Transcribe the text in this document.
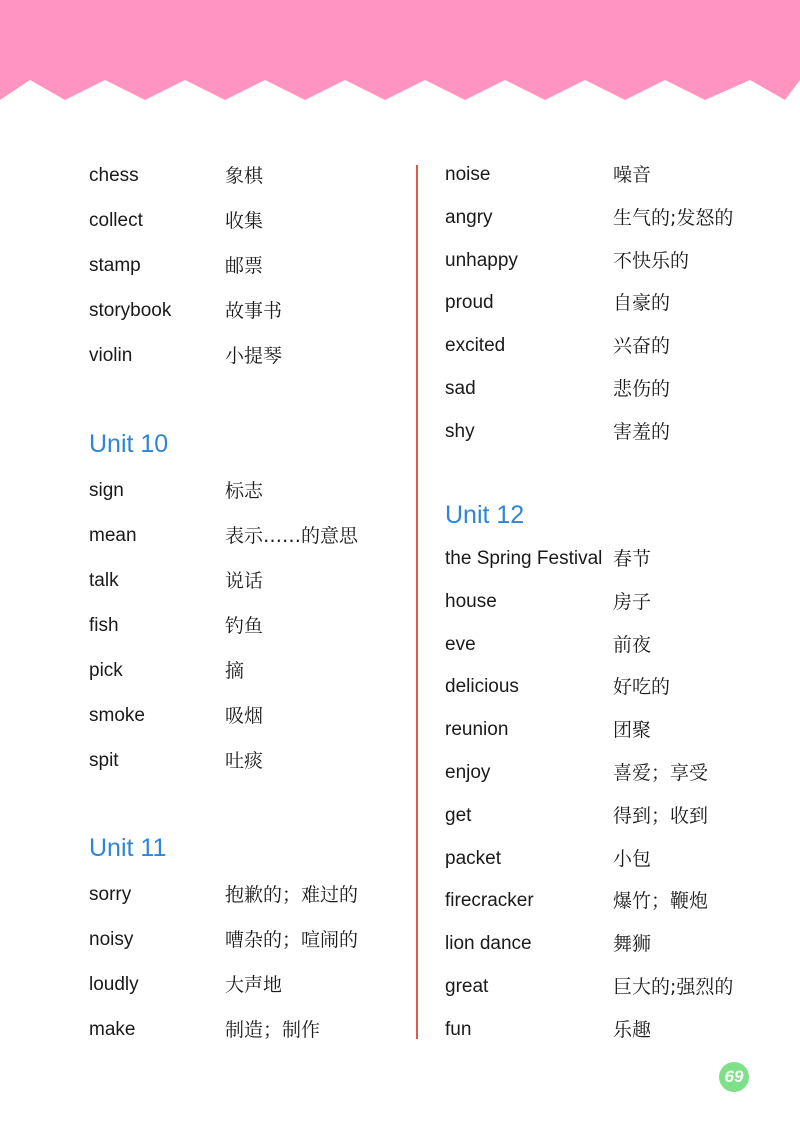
chess	象棋
collect	收集
stamp	邮票
storybook	故事书
violin	小提琴
Unit 10
sign	标志
mean	表示……的意思
talk	说话
fish	钓鱼
pick	摘
smoke	吸烟
spit	吐痰
Unit 11
sorry	抱歉的；难过的
noisy	嘈杂的；喧闹的
loudly	大声地
make	制造；制作
noise	噪音
angry	生气的;发怒的
unhappy	不快乐的
proud	自豪的
excited	兴奋的
sad	悲伤的
shy	害羞的
Unit 12
the Spring Festival 春节
house	房子
eve	前夜
delicious	好吃的
reunion	团聚
enjoy	喜爱；享受
get	得到；收到
packet	小包
firecracker	爆竹；鞭炮
lion dance	舞狮
great	巨大的;强烈的
fun	乐趣
69
